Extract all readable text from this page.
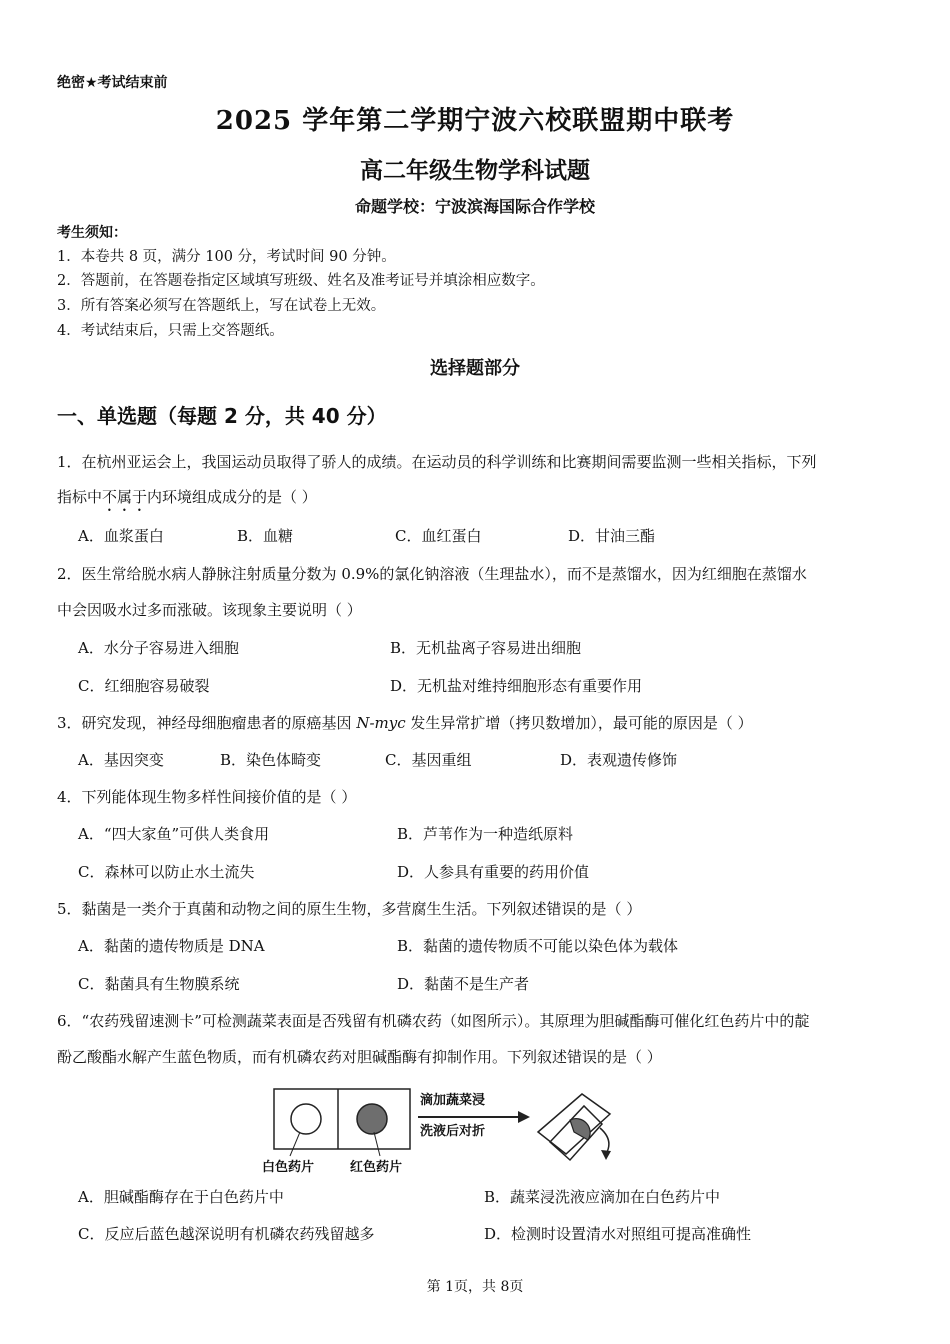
绝密★考试结束前
2025 学年第二学期宁波六校联盟期中联考
高二年级生物学科试题
命题学校：宁波滨海国际合作学校
考生须知：
1．本卷共 8 页，满分 100 分，考试时间 90 分钟。
2．答题前，在答题卷指定区域填写班级、姓名及准考证号并填涂相应数字。
3．所有答案必须写在答题纸上，写在试卷上无效。
4．考试结束后，只需上交答题纸。
选择题部分
一、单选题（每题 2 分，共 40 分）
1．在杭州亚运会上，我国运动员取得了骄人的成绩。在运动员的科学训练和比赛期间需要监测一些相关指标，下列
指标中不属于内环境组成成分的是（ ）
A．血浆蛋白	B．血糖	C．血红蛋白	D．甘油三酯
2．医生常给脱水病人静脉注射质量分数为 0.9%的氯化钠溶液（生理盐水），而不是蒸馏水，因为红细胞在蒸馏水
中会因吸水过多而涨破。该现象主要说明（ ）
A．水分子容易进入细胞	B．无机盐离子容易进出细胞
C．红细胞容易破裂	D．无机盐对维持细胞形态有重要作用
3．研究发现，神经母细胞瘤患者的原癌基因 N-myc 发生异常扩增（拷贝数增加），最可能的原因是（ ）
A．基因突变	B．染色体畸变	C．基因重组	D．表观遗传修饰
4．下列能体现生物多样性间接价值的是（ ）
A．“四大家鱼”可供人类食用	B．芦苇作为一种造纸原料
C．森林可以防止水土流失	D．人参具有重要的药用价值
5．黏菌是一类介于真菌和动物之间的原生生物，多营腐生生活。下列叙述错误的是（ ）
A．黏菌的遗传物质是 DNA	B．黏菌的遗传物质不可能以染色体为载体
C．黏菌具有生物膜系统	D．黏菌不是生产者
6．“农药残留速测卡”可检测蔬菜表面是否残留有机磷农药（如图所示）。其原理为胆碱酯酶可催化红色药片中的靛
酚乙酸酯水解产生蓝色物质，而有机磷农药对胆碱酯酶有抑制作用。下列叙述错误的是（ ）
白色药片	红色药片
滴加蔬菜浸
洗液后对折
A．胆碱酯酶存在于白色药片中	B．蔬菜浸洗液应滴加在白色药片中
C．反应后蓝色越深说明有机磷农药残留越多	D．检测时设置清水对照组可提高准确性
第 1页，共 8页
